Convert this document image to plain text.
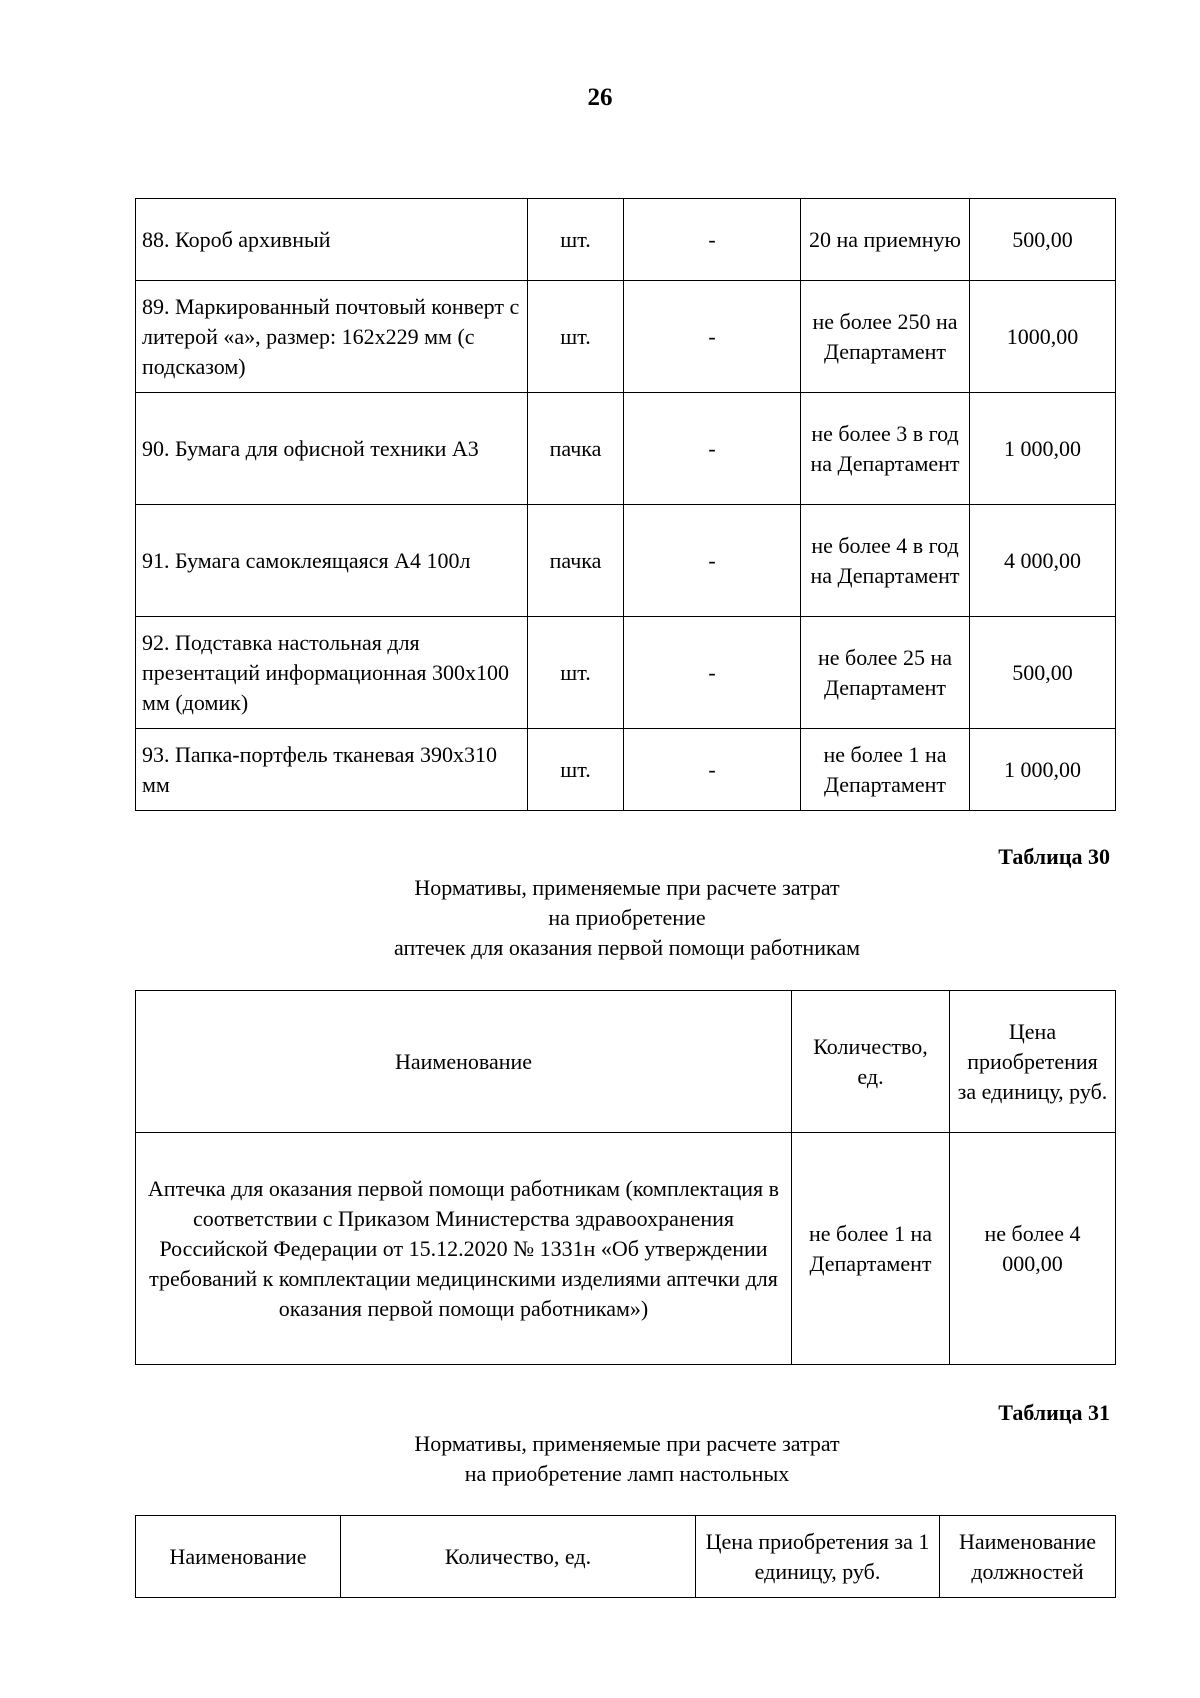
26
88. Короб архивный	шт.	-	20 на приемную	500,00
89. Маркированный почтовый конверт с литерой «а», размер: 162х229 мм (с подсказом)	шт.	-	не более 250 на Департамент	1000,00
90. Бумага для офисной техники А3	пачка	-	не более 3 в год на Департамент	1 000,00
91. Бумага самоклеящаяся А4 100л	пачка	-	не более 4 в год на Департамент	4 000,00
92. Подставка настольная для презентаций информационная 300х100 мм (домик)	шт.	-	не более 25 на Департамент	500,00
93. Папка-портфель тканевая 390х310 мм	шт.	-	не более 1 на Департамент	1 000,00
Таблица 30
Нормативы, применяемые при расчете затрат
на приобретение
аптечек для оказания первой помощи работникам
Наименование	Количество, ед.	Цена приобретения за единицу, руб.
Аптечка для оказания первой помощи работникам (комплектация в соответствии с Приказом Министерства здравоохранения Российской Федерации от 15.12.2020 № 1331н «Об утверждении требований к комплектации медицинскими изделиями аптечки для оказания первой помощи работникам»)	не более 1 на Департамент	не более 4 000,00
Таблица 31
Нормативы, применяемые при расчете затрат
на приобретение ламп настольных
Наименование	Количество, ед.	Цена приобретения за 1 единицу, руб.	Наименование должностей
